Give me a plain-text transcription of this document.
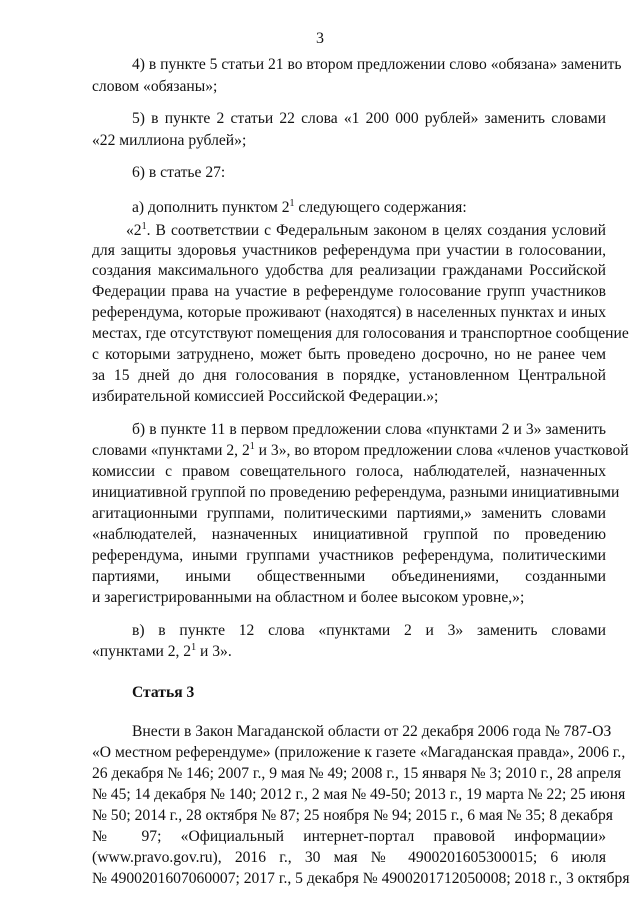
3
4) в пункте 5 статьи 21 во втором предложении слово «обязана» заменить
словом «обязаны»;
5) в пункте 2 статьи 22 слова «1 200 000 рублей» заменить словами
«22 миллиона рублей»;
6) в статье 27:
а) дополнить пунктом $2^1$ следующего содержания:
«$2^1$. В соответствии с Федеральным законом в целях создания условий
для защиты здоровья участников референдума при участии в голосовании,
создания максимального удобства для реализации гражданами Российской
Федерации права на участие в референдуме голосование групп участников
референдума, которые проживают (находятся) в населенных пунктах и иных
местах, где отсутствуют помещения для голосования и транспортное сообщение
с которыми затруднено, может быть проведено досрочно, но не ранее чем
за 15 дней до дня голосования в порядке, установленном Центральной
избирательной комиссией Российской Федерации.»;
б) в пункте 11 в первом предложении слова «пунктами 2 и 3» заменить
словами «пунктами 2, $2^1$ и 3», во втором предложении слова «членов участковой
комиссии с правом совещательного голоса, наблюдателей, назначенных
инициативной группой по проведению референдума, разными инициативными
агитационными группами, политическими партиями,» заменить словами
«наблюдателей, назначенных инициативной группой по проведению
референдума, иными группами участников референдума, политическими
партиями, иными общественными объединениями, созданными
и зарегистрированными на областном и более высоком уровне,»;
в) в пункте 12 слова «пунктами 2 и 3» заменить словами
«пунктами 2, $2^1$ и 3».
Статья 3
Внести в Закон Магаданской области от 22 декабря 2006 года № 787-ОЗ
«О местном референдуме» (приложение к газете «Магаданская правда», 2006 г.,
26 декабря № 146; 2007 г., 9 мая № 49; 2008 г., 15 января № 3; 2010 г., 28 апреля
№ 45; 14 декабря № 140; 2012 г., 2 мая № 49-50; 2013 г., 19 марта № 22; 25 июня
№ 50; 2014 г., 28 октября № 87; 25 ноября № 94; 2015 г., 6 мая № 35; 8 декабря
№ 97; «Официальный интернет-портал правовой информации»
(www.pravo.gov.ru), 2016 г., 30 мая № 4900201605300015; 6 июля
№ 4900201607060007; 2017 г., 5 декабря № 4900201712050008; 2018 г., 3 октября
